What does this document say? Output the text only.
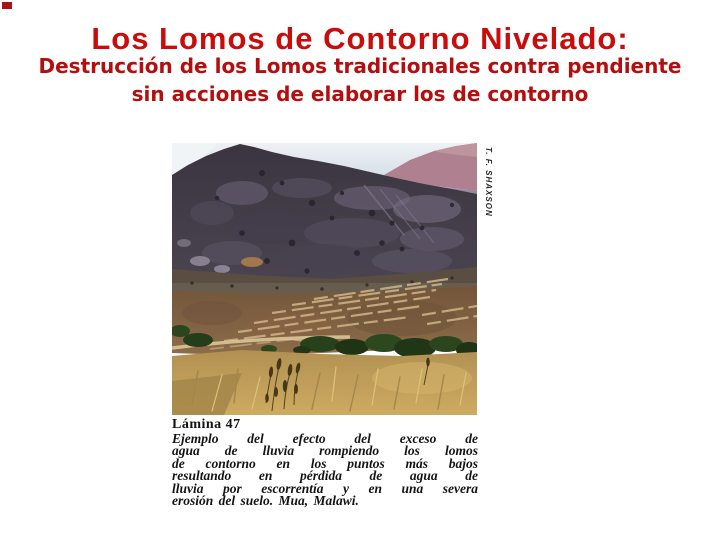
Los Lomos de Contorno Nivelado:
Destrucción de los Lomos tradicionales contra pendiente
sin acciones de elaborar los de contorno
T. F. SHAXSON
Lámina 47
Ejemplo del efecto del exceso de
agua de lluvia rompiendo los lomos
de contorno en los puntos más bajos
resultando en pérdida de agua de
lluvia por escorrentía y en una severa
erosión del suelo. Mua, Malawi.
